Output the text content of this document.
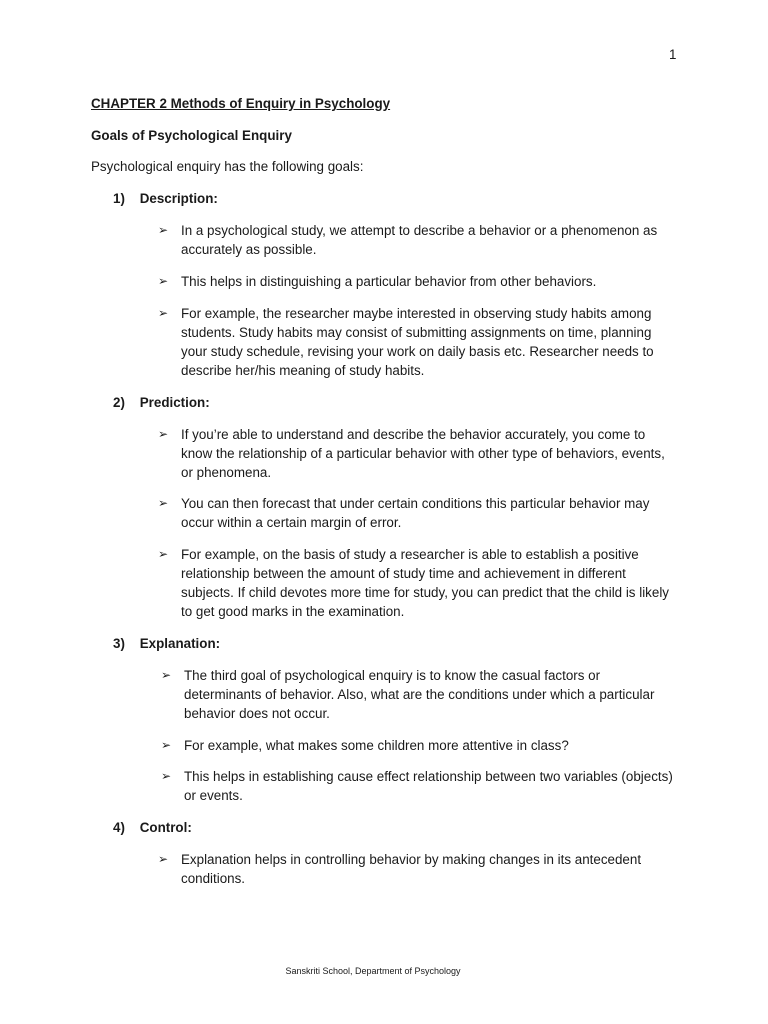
1
CHAPTER 2 Methods of Enquiry in Psychology
Goals of Psychological Enquiry
Psychological enquiry has the following goals:
1) Description:
➢ In a psychological study, we attempt to describe a behavior or a phenomenon as accurately as possible.
➢ This helps in distinguishing a particular behavior from other behaviors.
➢ For example, the researcher maybe interested in observing study habits among students. Study habits may consist of submitting assignments on time, planning your study schedule, revising your work on daily basis etc. Researcher needs to describe her/his meaning of study habits.
2) Prediction:
➢ If you’re able to understand and describe the behavior accurately, you come to know the relationship of a particular behavior with other type of behaviors, events, or phenomena.
➢ You can then forecast that under certain conditions this particular behavior may occur within a certain margin of error.
➢ For example, on the basis of study a researcher is able to establish a positive relationship between the amount of study time and achievement in different subjects. If child devotes more time for study, you can predict that the child is likely to get good marks in the examination.
3) Explanation:
➢ The third goal of psychological enquiry is to know the casual factors or determinants of behavior. Also, what are the conditions under which a particular behavior does not occur.
➢ For example, what makes some children more attentive in class?
➢ This helps in establishing cause effect relationship between two variables (objects) or events.
4) Control:
➢ Explanation helps in controlling behavior by making changes in its antecedent conditions.
Sanskriti School, Department of Psychology
